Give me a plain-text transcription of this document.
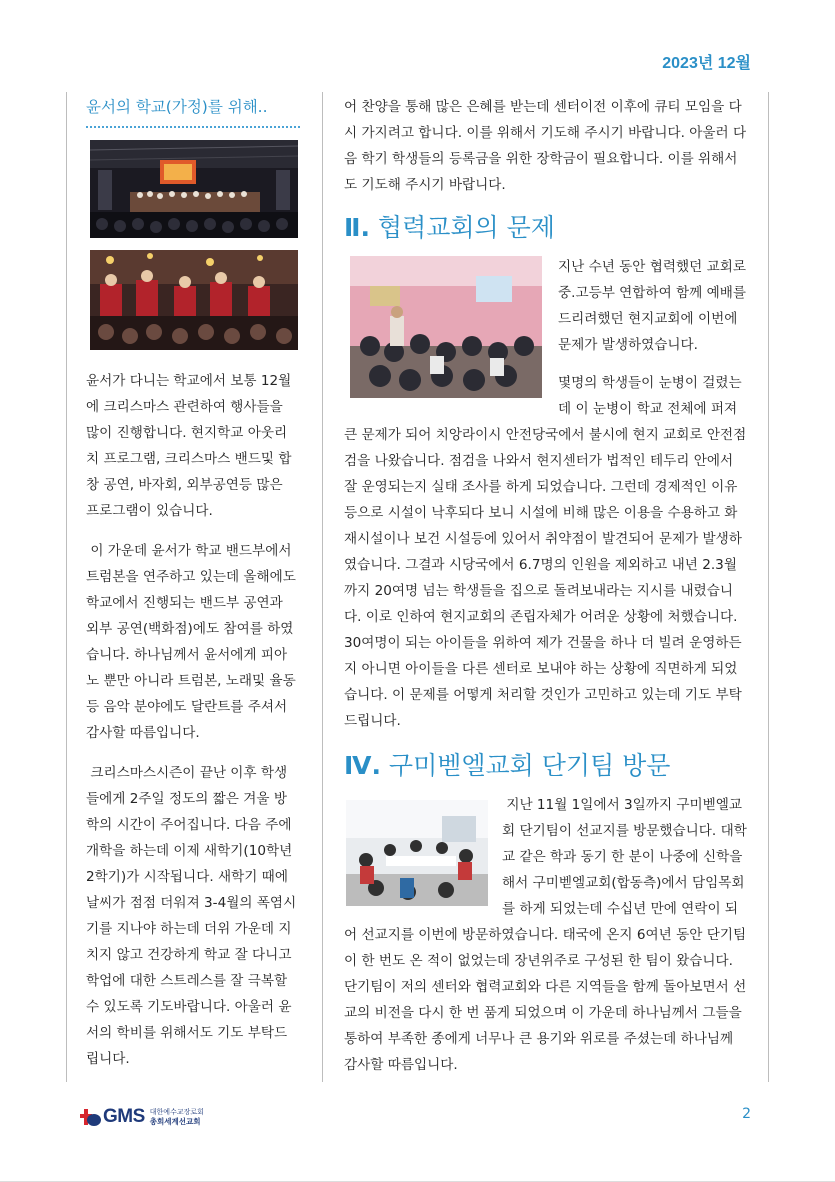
2023년 12월
윤서의 학교(가정)를 위해..

윤서가 다니는 학교에서 보통 12월에 크리스마스 관련하여 행사들을 많이 진행합니다. 현지학교 아웃리치 프로그램, 크리스마스 밴드및 합창 공연, 바자회, 외부공연등 많은 프로그램이 있습니다.

이 가운데 윤서가 학교 밴드부에서 트럼본을 연주하고 있는데 올해에도 학교에서 진행되는 밴드부 공연과 외부 공연(백화점)에도 참여를 하였습니다. 하나님께서 윤서에게 피아노 뿐만 아니라 트럼본, 노래및 율동등 음악 분야에도 달란트를 주셔서 감사할 따름입니다.

크리스마스시즌이 끝난 이후 학생들에게 2주일 정도의 짧은 겨울 방학의 시간이 주어집니다. 다음 주에 개학을 하는데 이제 새학기(10학년 2학기)가 시작됩니다. 새학기 때에 날씨가 점점 더워져 3-4월의 폭염시기를 지나야 하는데 더위 가운데 지치지 않고 건강하게 학교 잘 다니고 학업에 대한 스트레스를 잘 극복할 수 있도록 기도바랍니다. 아울러 윤서의 학비를 위해서도 기도 부탁드립니다.

어 찬양을 통해 많은 은혜를 받는데 센터이전 이후에 큐티 모임을 다시 가지려고 합니다. 이를 위해서 기도해 주시기 바랍니다. 아울러 다음 학기 학생들의 등록금을 위한 장학금이 필요합니다. 이를 위해서도 기도해 주시기 바랍니다.

Ⅱ. 협력교회의 문제

지난 수년 동안 협력했던 교회로 중.고등부 연합하여 함께 예배를 드리려했던 현지교회에 이번에 문제가 발생하였습니다.

몇명의 학생들이 눈병이 걸렸는데 이 눈병이 학교 전체에 퍼져 큰 문제가 되어 치앙라이시 안전당국에서 불시에 현지 교회로 안전점검을 나왔습니다. 점검을 나와서 현지센터가 법적인 테두리 안에서 잘 운영되는지 실태 조사를 하게 되었습니다. 그런데 경제적인 이유 등으로 시설이 낙후되다 보니 시설에 비해 많은 이용을 수용하고 화재시설이나 보건 시설등에 있어서 취약점이 발견되어 문제가 발생하였습니다. 그결과 시당국에서 6.7명의 인원을 제외하고 내년 2.3월까지 20여명 넘는 학생들을 집으로 돌려보내라는 지시를 내렸습니다. 이로 인하여 현지교회의 존립자체가 어려운 상황에 처했습니다. 30여명이 되는 아이들을 위하여 제가 건물을 하나 더 빌려 운영하든지 아니면 아이들을 다른 센터로 보내야 하는 상황에 직면하게 되었습니다. 이 문제를 어떻게 처리할 것인가 고민하고 있는데 기도 부탁드립니다.

Ⅳ. 구미벧엘교회 단기팀 방문

지난 11월 1일에서 3일까지 구미벧엘교회 단기팀이 선교지를 방문했습니다. 대학교 같은 학과 동기 한 분이 나중에 신학을 해서 구미벧엘교회(합동측)에서 담임목회를 하게 되었는데 수십년 만에 연락이 되어 선교지를 이번에 방문하였습니다. 태국에 온지 6여년 동안 단기팀이 한 번도 온 적이 없었는데 장년위주로 구성된 한 팀이 왔습니다. 단기팀이 저의 센터와 협력교회와 다른 지역들을 함께 돌아보면서 선교의 비전을 다시 한 번 품게 되었으며 이 가운데 하나님께서 그들을 통하여 부족한 종에게 너무나 큰 용기와 위로를 주셨는데 하나님께 감사할 따름입니다.

GMS 대한예수교장로회
총회세계선교회	2
